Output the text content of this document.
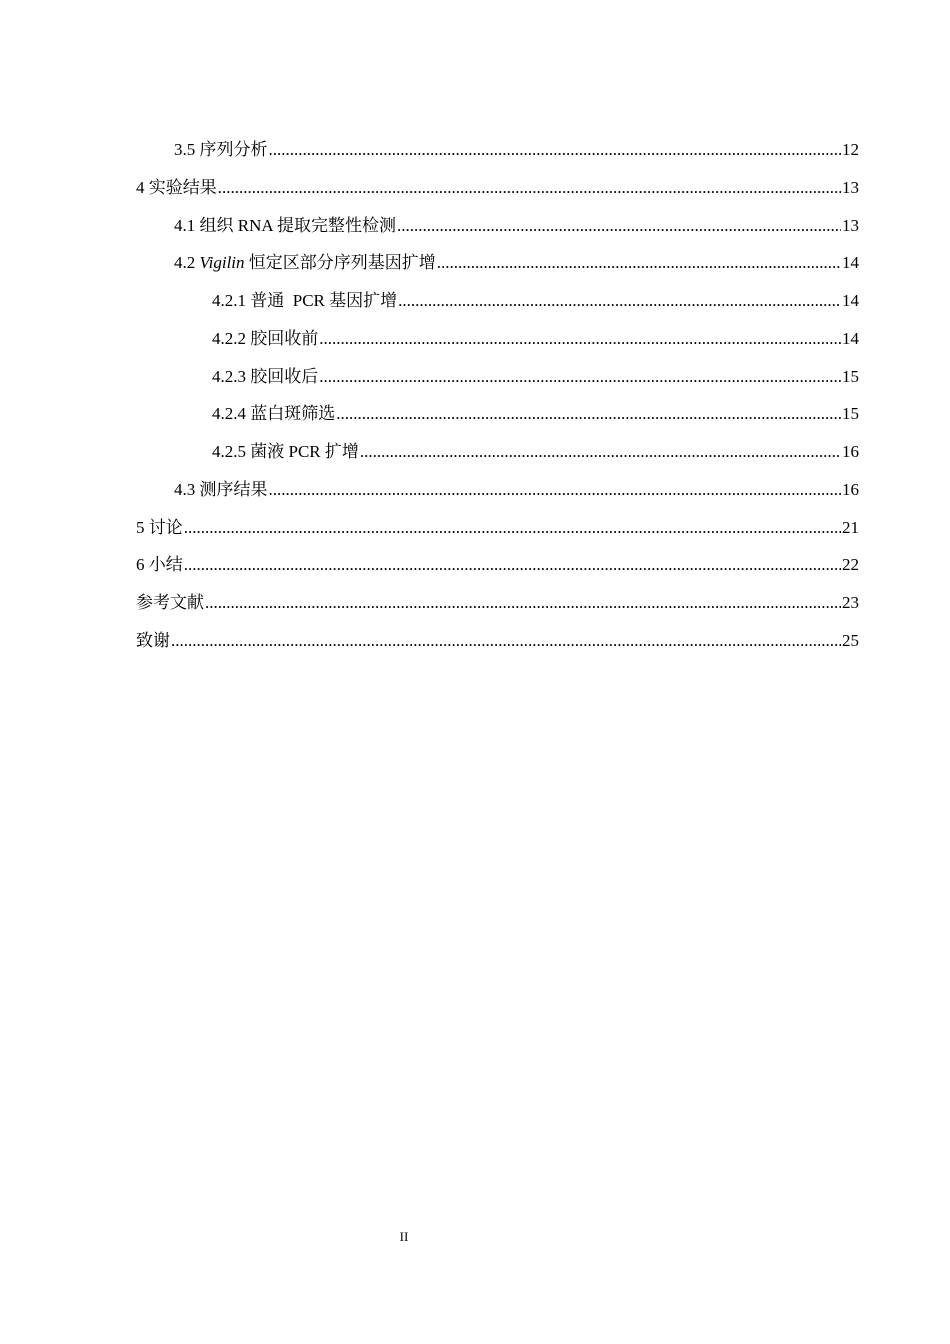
3.5 序列分析 .....	12
4 实验结果 .....	13
4.1 组织 RNA 提取完整性检测 .....	13
4.2 Vigilin 恒定区部分序列基因扩增 .....	14
4.2.1 普通  PCR 基因扩增 .....	14
4.2.2 胶回收前 .....	14
4.2.3 胶回收后 .....	15
4.2.4 蓝白斑筛选 .....	15
4.2.5 菌液 PCR 扩增 .....	16
4.3 测序结果 .....	16
5 讨论 .....	21
6 小结 .....	22
参考文献 .....	23
致谢 .....	25
II
